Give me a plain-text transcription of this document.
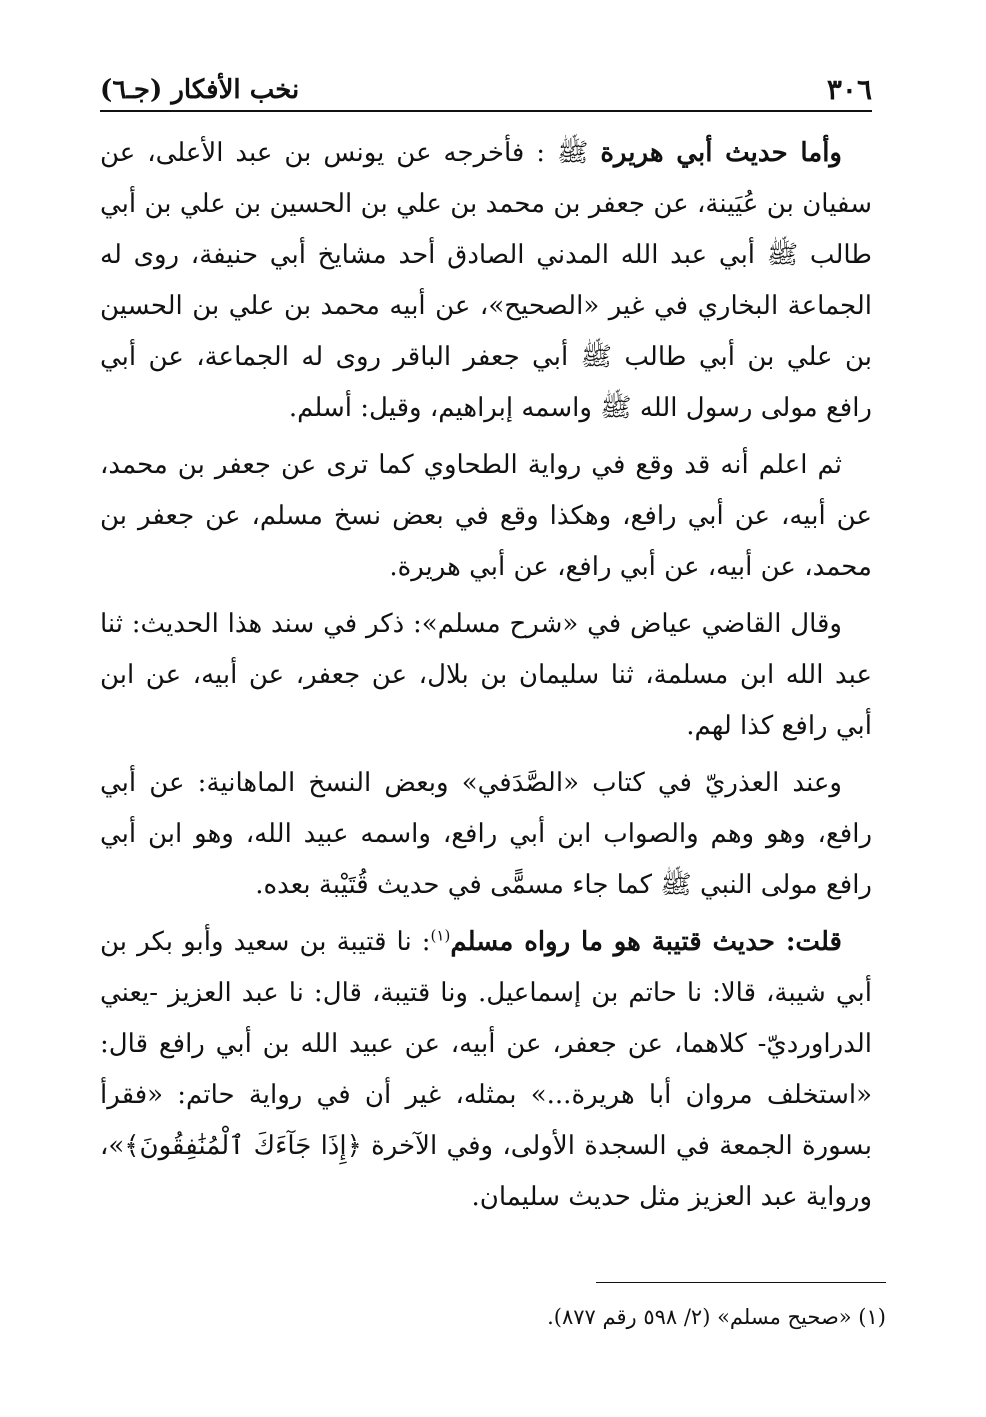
٣٠٦
نخب الأفكار (جـ٦)

وأما حديث أبي هريرة ﷺ : فأخرجه عن يونس بن عبد الأعلى، عن سفيان بن عُيَينة، عن جعفر بن محمد بن علي بن الحسين بن علي بن أبي طالب ﷺ أبي عبد الله المدني الصادق أحد مشايخ أبي حنيفة، روى له الجماعة البخاري في غير «الصحيح»، عن أبيه محمد بن علي بن الحسين بن علي بن أبي طالب ﷺ أبي جعفر الباقر روى له الجماعة، عن أبي رافع مولى رسول الله ﷺ واسمه إبراهيم، وقيل: أسلم.

ثم اعلم أنه قد وقع في رواية الطحاوي كما ترى عن جعفر بن محمد، عن أبيه، عن أبي رافع، وهكذا وقع في بعض نسخ مسلم، عن جعفر بن محمد، عن أبيه، عن أبي رافع، عن أبي هريرة.

وقال القاضي عياض في «شرح مسلم»: ذكر في سند هذا الحديث: ثنا عبد الله ابن مسلمة، ثنا سليمان بن بلال، عن جعفر، عن أبيه، عن ابن أبي رافع كذا لهم.

وعند العذريّ في كتاب «الصَّدَفي» وبعض النسخ الماهانية: عن أبي رافع، وهو وهم والصواب ابن أبي رافع، واسمه عبيد الله، وهو ابن أبي رافع مولى النبي ﷺ كما جاء مسمًّى في حديث قُتَيْبة بعده.

قلت: حديث قتيبة هو ما رواه مسلم$^{(١)}$: نا قتيبة بن سعيد وأبو بكر بن أبي شيبة، قالا: نا حاتم بن إسماعيل. ونا قتيبة، قال: نا عبد العزيز -يعني الدراورديّ- كلاهما، عن جعفر، عن أبيه، عن عبيد الله بن أبي رافع قال: «استخلف مروان أبا هريرة...» بمثله، غير أن في رواية حاتم: «فقرأ بسورة الجمعة في السجدة الأولى، وفي الآخرة ﴿إِذَا جَآءَكَ ٱلْمُنَٰفِقُونَ﴾»، ورواية عبد العزيز مثل حديث سليمان.

(١) «صحيح مسلم» (٢/ ٥٩٨ رقم ٨٧٧).
